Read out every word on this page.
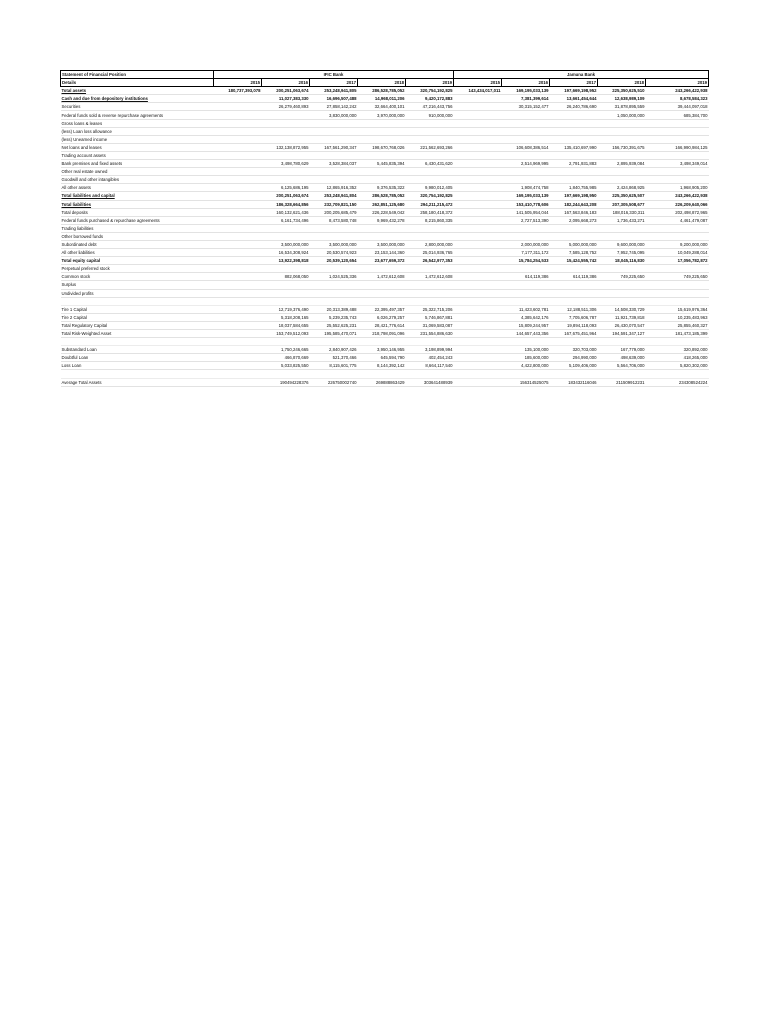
Statement of Financial Position	IFIC Bank					Jamuna Bank				
Details	2015	2016	2017	2018	2019	2015	2016	2017	2018	2019
Total assets	180,737,393,078	200,251,063,674	253,248,941,805	286,528,785,052	320,754,192,825	143,434,017,011	169,195,033,139	197,669,198,952	225,350,625,510	243,266,422,938
Cash and due from depository institutions		11,027,383,330	16,696,507,488	14,968,011,206	9,420,172,883		7,381,399,614	13,661,454,644	12,638,989,109	8,678,584,323
Securities		26,279,460,893	27,858,142,242	32,664,400,101	47,216,443,756		30,315,152,477	26,240,786,690	31,878,895,559	39,444,097,018
Federal funds sold & reverse repurchase agreements			3,830,000,000	3,970,000,000	910,000,000				1,050,000,000	685,384,700
Gross loans & leases										
(less) Loan loss allowance										
(less) Unearned income										
Net loans and leases		132,138,872,955	167,561,290,347	198,670,768,026	221,562,693,266		106,608,386,514	135,410,697,990	156,730,391,675	166,990,984,125
Trading account assets										
Bank premises and fixed assets		3,498,780,629	3,528,384,037	5,445,835,394	6,430,431,620		2,514,969,995	2,791,931,883	2,895,939,084	3,498,349,014
Other real estate owned										
Goodwill and other intangibles										
All other assets		6,125,686,195	12,865,916,352	9,376,535,322	9,980,012,405		1,908,474,758	1,840,755,985	2,424,868,925	1,968,905,200
Total liabilities and capital		200,251,063,674	253,248,941,804	286,528,785,052	320,754,192,825		169,195,033,139	197,669,198,950	225,350,625,507	243,266,422,938
Total liabilities		186,328,664,856	232,709,821,150	262,851,125,680	294,211,215,472		153,410,778,606	182,244,643,208	207,305,508,677	226,209,640,066
Total deposits		160,132,621,436	200,205,685,479	226,228,549,042	258,180,418,372		141,505,954,044	167,563,846,183	188,016,330,311	202,498,872,965
Federal funds purchased & repurchase agreements		6,161,734,496	8,473,580,748	9,969,432,278	8,215,860,335		2,727,513,390	2,095,668,273	1,736,433,271	4,461,479,087
Trading liabilities										
Other borrowed funds										
Subordinated debt		3,500,000,000	3,500,000,000	3,500,000,000	2,800,000,000		2,000,000,000	5,000,000,000	9,600,000,000	9,200,000,000
All other liabilities		16,534,308,924	20,530,574,923	23,153,144,360	25,014,936,765		7,177,311,172	7,585,128,752	7,952,745,095	10,049,288,014
Total equity capital		13,922,398,818	20,539,120,654	23,677,659,372	26,542,977,353		15,784,254,533	15,424,555,742	18,045,116,830	17,056,782,872
Perpetual preferred stock										
Common stock		882,068,050	1,024,525,336	1,472,612,608	1,472,612,608		614,119,386	614,119,386	749,225,650	749,225,650
Surplus										
Undivided profits										

Tire 1 Capital		12,719,376,490	20,313,389,488	22,395,497,357	25,322,715,206		11,423,602,781	12,188,511,306	14,508,330,729	15,619,976,364
Tire 2 Capital		5,318,208,165	5,239,235,743	6,026,279,257	5,746,867,881		4,385,642,176	7,705,606,787	11,921,739,818	10,235,483,963
Total Regulatory Capital		18,037,584,655	25,552,625,231	28,421,776,614	31,069,583,087		15,809,244,957	19,894,118,093	26,430,070,547	25,855,460,327
Total Risk-Weighted Asset		153,749,512,093	195,585,470,071	218,798,091,096	231,554,886,630		144,657,443,356	167,675,451,964	194,591,347,127	181,473,185,399

Substandard Loan		1,750,246,665	2,840,907,426	3,950,146,955	3,198,899,994		135,100,000	320,703,000	167,779,000	320,892,000
Doubtful Loan		466,870,669	521,370,466	645,594,790	402,454,243		185,600,000	294,990,000	498,639,000	418,265,000
Loss Loan		5,033,825,550	8,115,601,775	8,144,392,142	8,664,117,540		4,422,800,000	5,109,406,000	5,564,706,000	5,820,302,000

Average Total Assets		190494228376	226750002740	269888863429	303641488939		156314525075	183432116046	211509912231	234308524224
